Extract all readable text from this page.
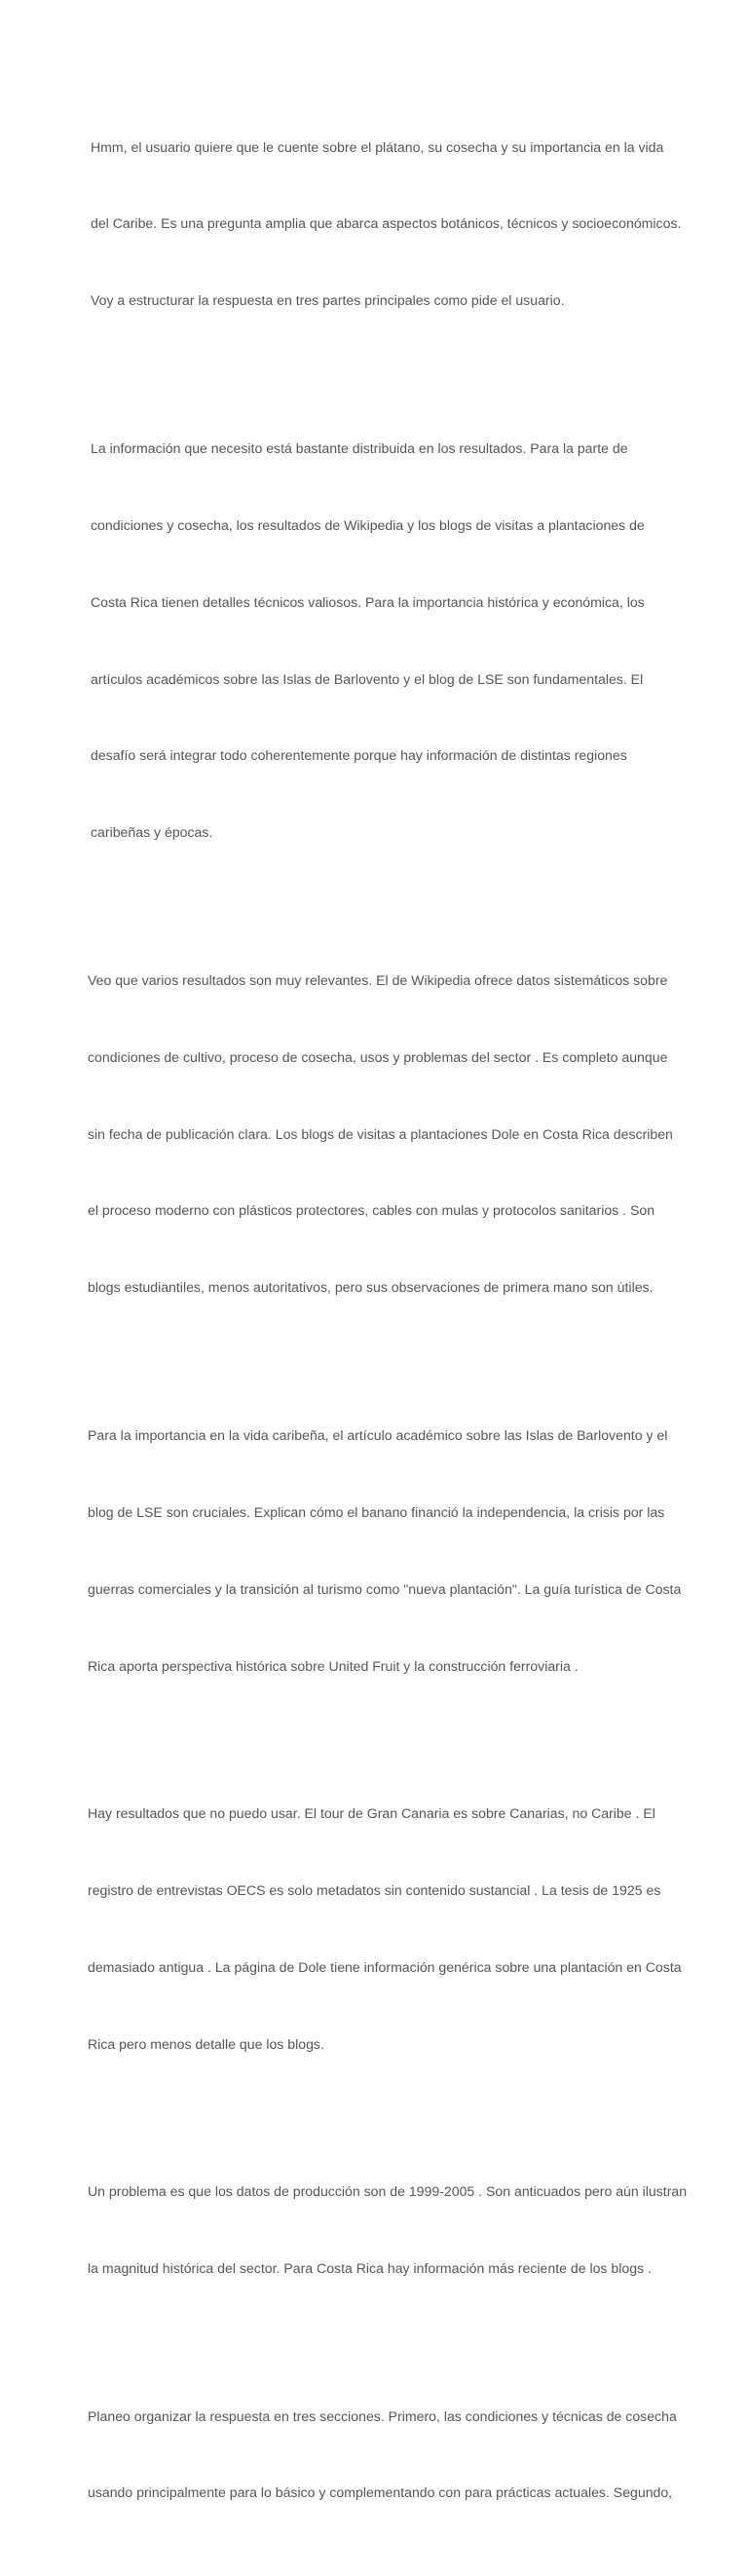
Hmm, el usuario quiere que le cuente sobre el plátano, su cosecha y su importancia en la vida

del Caribe. Es una pregunta amplia que abarca aspectos botánicos, técnicos y socioeconómicos.

Voy a estructurar la respuesta en tres partes principales como pide el usuario.

La información que necesito está bastante distribuida en los resultados. Para la parte de

condiciones y cosecha, los resultados de Wikipedia y los blogs de visitas a plantaciones de

Costa Rica tienen detalles técnicos valiosos. Para la importancia histórica y económica, los

artículos académicos sobre las Islas de Barlovento y el blog de LSE son fundamentales. El

desafío será integrar todo coherentemente porque hay información de distintas regiones

caribeñas y épocas.

Veo que varios resultados son muy relevantes. El de Wikipedia ofrece datos sistemáticos sobre

condiciones de cultivo, proceso de cosecha, usos y problemas del sector . Es completo aunque

sin fecha de publicación clara. Los blogs de visitas a plantaciones Dole en Costa Rica describen

el proceso moderno con plásticos protectores, cables con mulas y protocolos sanitarios . Son

blogs estudiantiles, menos autoritativos, pero sus observaciones de primera mano son útiles.

Para la importancia en la vida caribeña, el artículo académico sobre las Islas de Barlovento y el

blog de LSE son cruciales. Explican cómo el banano financió la independencia, la crisis por las

guerras comerciales y la transición al turismo como "nueva plantación". La guía turística de Costa

Rica aporta perspectiva histórica sobre United Fruit y la construcción ferroviaria .

Hay resultados que no puedo usar. El tour de Gran Canaria es sobre Canarias, no Caribe . El

registro de entrevistas OECS es solo metadatos sin contenido sustancial . La tesis de 1925 es

demasiado antigua . La página de Dole tiene información genérica sobre una plantación en Costa

Rica pero menos detalle que los blogs.

Un problema es que los datos de producción son de 1999-2005 . Son anticuados pero aún ilustran

la magnitud histórica del sector. Para Costa Rica hay información más reciente de los blogs .

Planeo organizar la respuesta en tres secciones. Primero, las condiciones y técnicas de cosecha

usando principalmente para lo básico y complementando con para prácticas actuales. Segundo,
